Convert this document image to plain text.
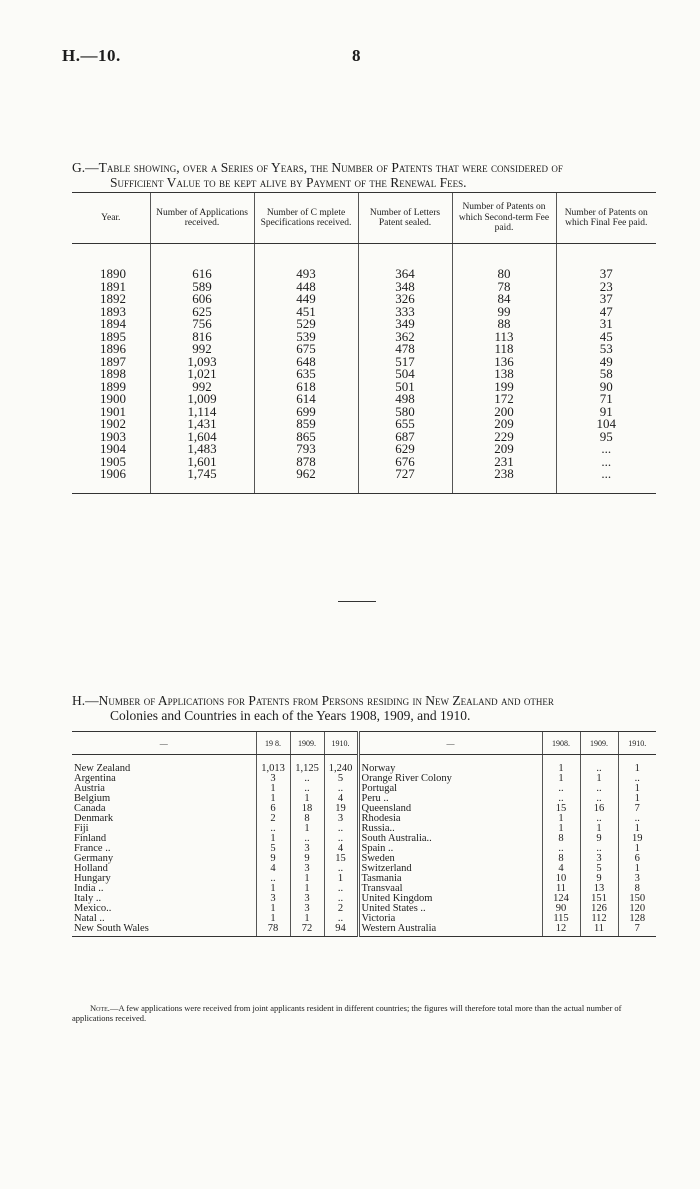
H.—10.	8
G.—Table showing, over a Series of Years, the Number of Patents that were considered of
Sufficient Value to be kept alive by Payment of the Renewal Fees.
Year.	Number of Applications received.	Number of C mplete Specifications received.	Number of Letters Patent sealed.	Number of Patents on which Second-term Fee paid.	Number of Patents on which Final Fee paid.
1890	616	493	364	80	37
1891	589	448	348	78	23
1892	606	449	326	84	37
1893	625	451	333	99	47
1894	756	529	349	88	31
1895	816	539	362	113	45
1896	992	675	478	118	53
1897	1,093	648	517	136	49
1898	1,021	635	504	138	58
1899	992	618	501	199	90
1900	1,009	614	498	172	71
1901	1,114	699	580	200	91
1902	1,431	859	655	209	104
1903	1,604	865	687	229	95
1904	1,483	793	629	209	...
1905	1,601	878	676	231	...
1906	1,745	962	727	238	...
H.—Number of Applications for Patents from Persons residing in New Zealand and other
Colonies and Countries in each of the Years 1908, 1909, and 1910.
—	19 8.	1909.	1910.	—	1908.	1909.	1910.
New Zealand	1,013	1,125	1,240	Norway	1	..	1
Argentina	3	..	5	Orange River Colony	1	1	..
Austria	1	..	..	Portugal	..	..	1
Belgium	1	1	4	Peru ..	..	..	1
Canada	6	18	19	Queensland	15	16	7
Denmark	2	8	3	Rhodesia	1	..	..
Fiji	..	1	..	Russia..	1	1	1
Finland	1	..	..	South Australia..	8	9	19
France ..	5	3	4	Spain ..	..	..	1
Germany	9	9	15	Sweden	8	3	6
Holland	4	3	..	Switzerland	4	5	1
Hungary	..	1	1	Tasmania	10	9	3
India ..	1	1	..	Transvaal	11	13	8
Italy ..	3	3	..	United Kingdom	124	151	150
Mexico..	1	3	2	United States ..	90	126	120
Natal ..	1	1	..	Victoria	115	112	128
New South Wales	78	72	94	Western Australia	12	11	7
Note.—A few applications were received from joint applicants resident in different countries; the figures will therefore total more than the actual number of applications received.
